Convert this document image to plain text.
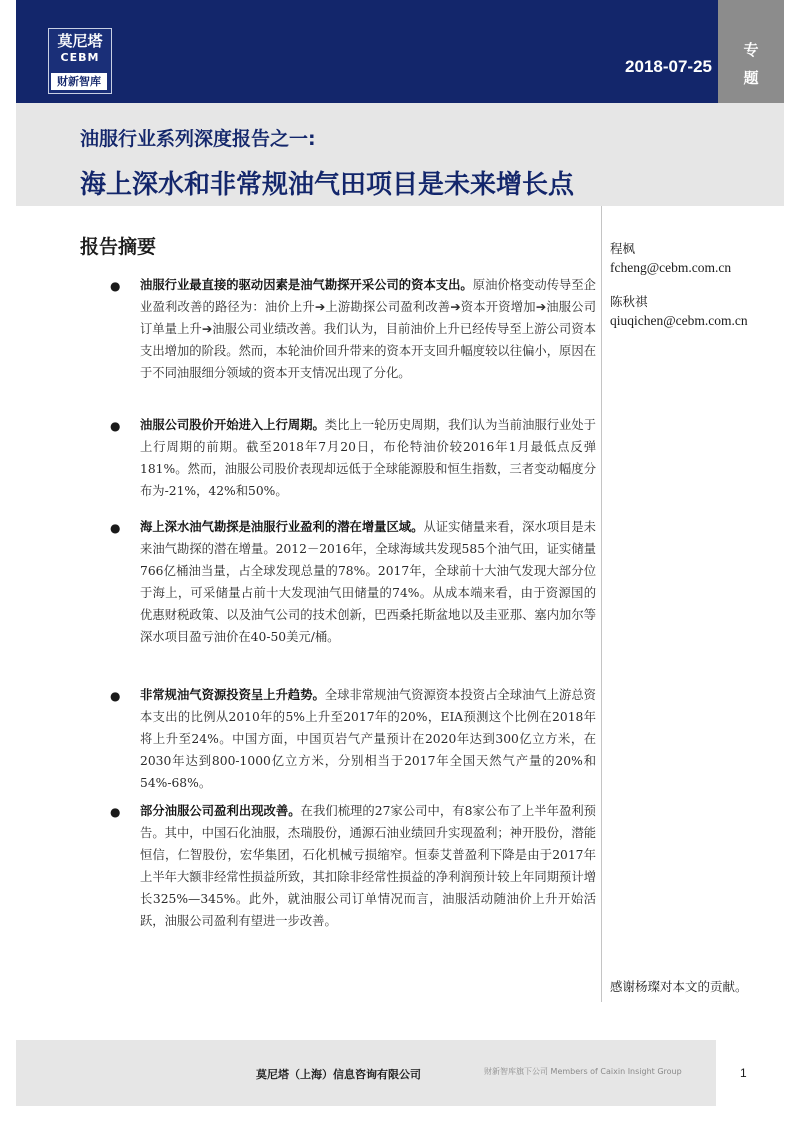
莫尼塔
CEBM
财新智库
2018-07-25
专
题
油服行业系列深度报告之一:
海上深水和非常规油气田项目是未来增长点
报告摘要
● 油服行业最直接的驱动因素是油气勘探开采公司的资本支出。原油价格变动传导至企业盈利改善的路径为：油价上升➔上游勘探公司盈利改善➔资本开资增加➔油服公司订单量上升➔油服公司业绩改善。我们认为，目前油价上升已经传导至上游公司资本支出增加的阶段。然而，本轮油价回升带来的资本开支回升幅度较以往偏小，原因在于不同油服细分领域的资本开支情况出现了分化。
● 油服公司股价开始进入上行周期。类比上一轮历史周期，我们认为当前油服行业处于上行周期的前期。截至2018年7月20日，布伦特油价较2016年1月最低点反弹181%。然而，油服公司股价表现却远低于全球能源股和恒生指数，三者变动幅度分布为-21%，42%和50%。
● 海上深水油气勘探是油服行业盈利的潜在增量区域。从证实储量来看，深水项目是未来油气勘探的潜在增量。2012－2016年，全球海域共发现585个油气田，证实储量766亿桶油当量，占全球发现总量的78%。2017年，全球前十大油气发现大部分位于海上，可采储量占前十大发现油气田储量的74%。从成本端来看，由于资源国的优惠财税政策、以及油气公司的技术创新，巴西桑托斯盆地以及圭亚那、塞内加尔等深水项目盈亏油价在40-50美元/桶。
● 非常规油气资源投资呈上升趋势。全球非常规油气资源资本投资占全球油气上游总资本支出的比例从2010年的5%上升至2017年的20%，EIA预测这个比例在2018年将上升至24%。中国方面，中国页岩气产量预计在2020年达到300亿立方米，在2030年达到800-1000亿立方米，分别相当于2017年全国天然气产量的20%和54%-68%。
● 部分油服公司盈利出现改善。在我们梳理的27家公司中，有8家公布了上半年盈利预告。其中，中国石化油服，杰瑞股份，通源石油业绩回升实现盈利；神开股份，潜能恒信，仁智股份，宏华集团，石化机械亏损缩窄。恒泰艾普盈利下降是由于2017年上半年大额非经常性损益所致，其扣除非经常性损益的净利润预计较上年同期预计增长325%—345%。此外，就油服公司订单情况而言，油服活动随油价上升开始活跃，油服公司盈利有望进一步改善。
程枫
fcheng@cebm.com.cn
陈秋祺
qiuqichen@cebm.com.cn
感谢杨璨对本文的贡献。
莫尼塔（上海）信息咨询有限公司	财新智库旗下公司 Members of Caixin Insight Group	1
